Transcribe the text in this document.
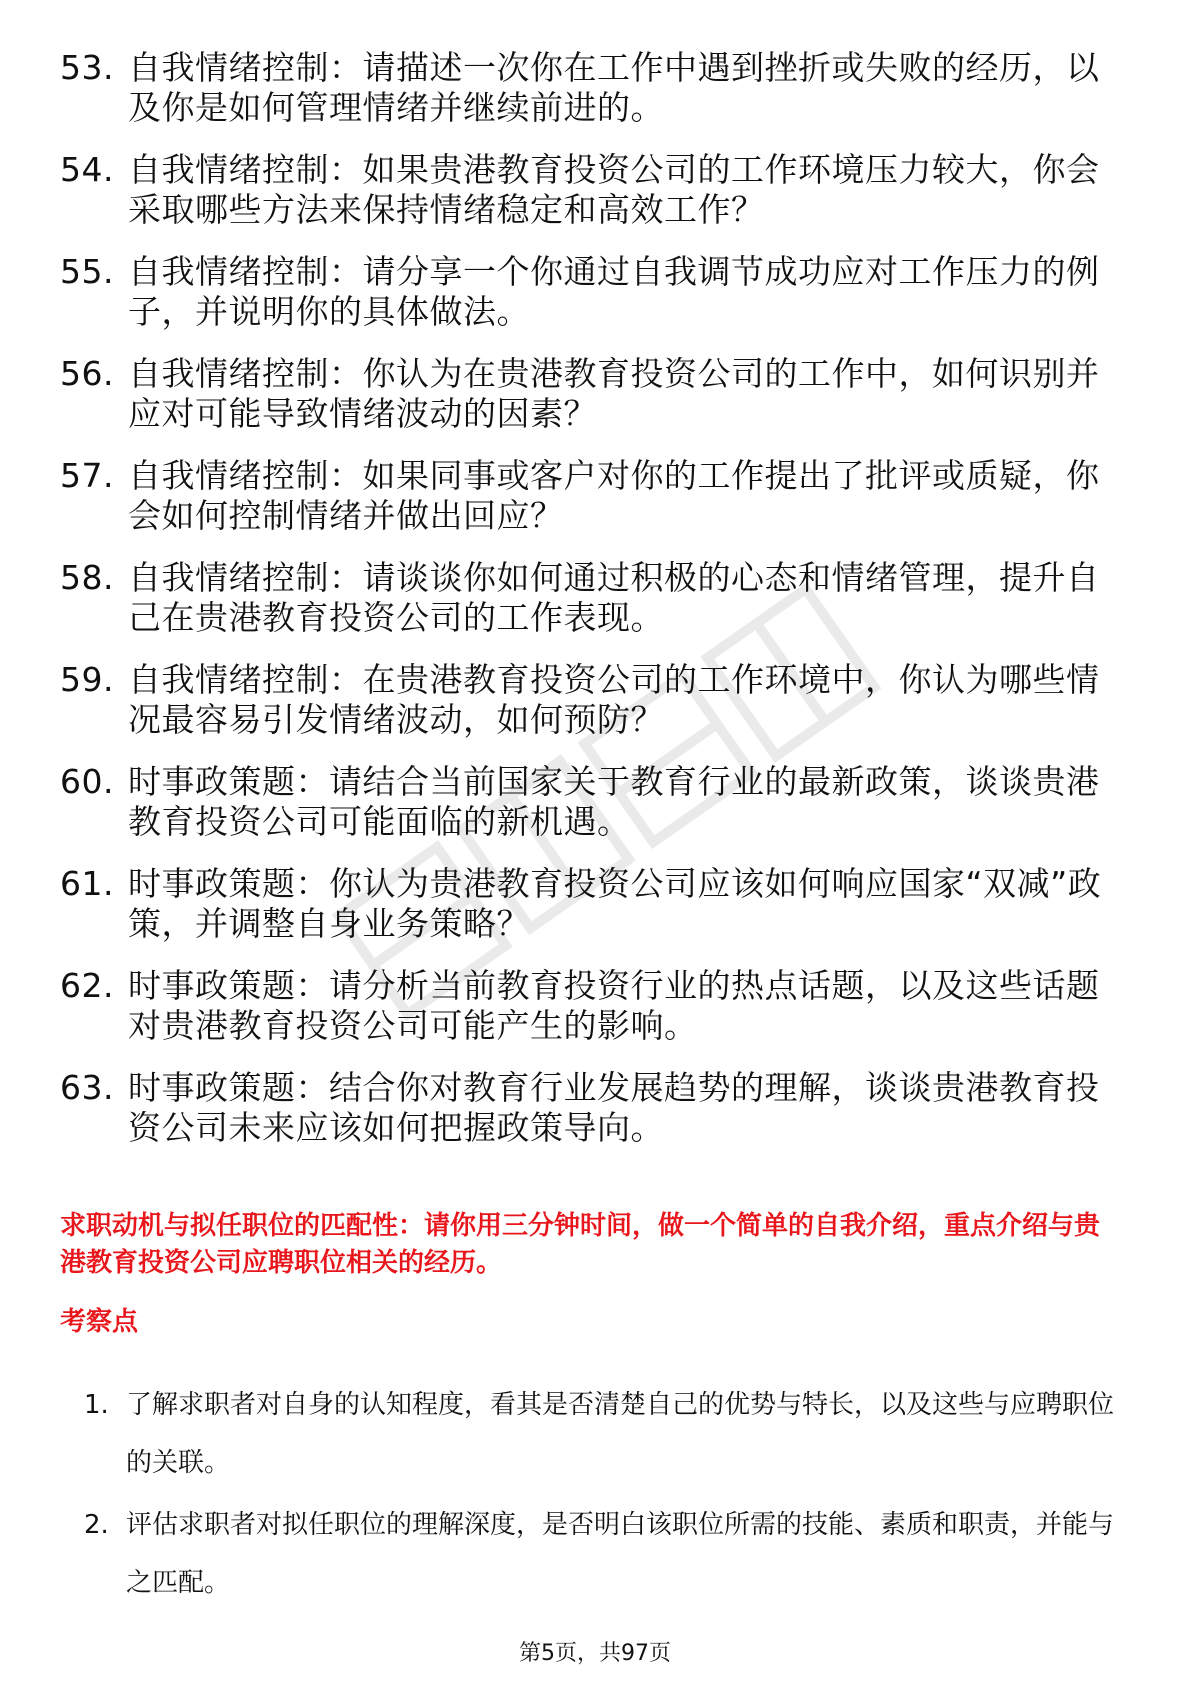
53. 自我情绪控制：请描述一次你在工作中遇到挫折或失败的经历，以及你是如何管理情绪并继续前进的。
54. 自我情绪控制：如果贵港教育投资公司的工作环境压力较大，你会采取哪些方法来保持情绪稳定和高效工作？
55. 自我情绪控制：请分享一个你通过自我调节成功应对工作压力的例子，并说明你的具体做法。
56. 自我情绪控制：你认为在贵港教育投资公司的工作中，如何识别并应对可能导致情绪波动的因素？
57. 自我情绪控制：如果同事或客户对你的工作提出了批评或质疑，你会如何控制情绪并做出回应？
58. 自我情绪控制：请谈谈你如何通过积极的心态和情绪管理，提升自己在贵港教育投资公司的工作表现。
59. 自我情绪控制：在贵港教育投资公司的工作环境中，你认为哪些情况最容易引发情绪波动，如何预防？
60. 时事政策题：请结合当前国家关于教育行业的最新政策，谈谈贵港教育投资公司可能面临的新机遇。
61. 时事政策题：你认为贵港教育投资公司应该如何响应国家“双减”政策，并调整自身业务策略？
62. 时事政策题：请分析当前教育投资行业的热点话题，以及这些话题对贵港教育投资公司可能产生的影响。
63. 时事政策题：结合你对教育行业发展趋势的理解，谈谈贵港教育投资公司未来应该如何把握政策导向。

求职动机与拟任职位的匹配性：请你用三分钟时间，做一个简单的自我介绍，重点介绍与贵港教育投资公司应聘职位相关的经历。

考察点
1. 了解求职者对自身的认知程度，看其是否清楚自己的优势与特长，以及这些与应聘职位的关联。
2. 评估求职者对拟任职位的理解深度，是否明白该职位所需的技能、素质和职责，并能与之匹配。
第5页，共97页
